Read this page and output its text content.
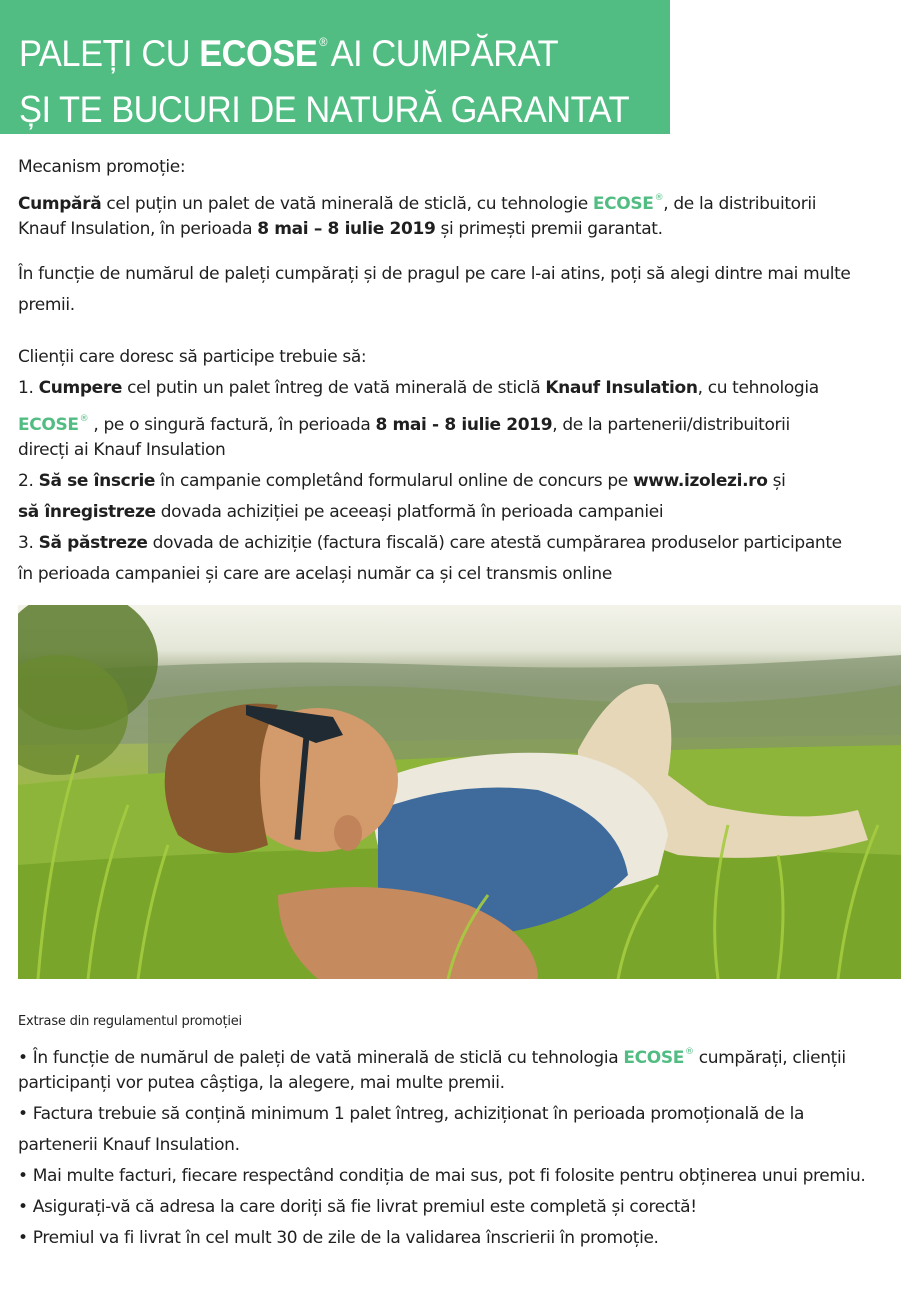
PALEȚI CU ECOSE ® AI CUMPĂRAT
ȘI TE BUCURI DE NATURĂ GARANTAT
Mecanism promoție:
Cumpără cel puțin un palet de vată minerală de sticlă, cu tehnologie ECOSE®, de la distribuitorii
Knauf Insulation, în perioada 8 mai – 8 iulie 2019 și primești premii garantat.
În funcție de numărul de paleți cumpărați și de pragul pe care l-ai atins, poți să alegi dintre mai multe
premii.
Clienții care doresc să participe trebuie să:
1. Cumpere cel putin un palet întreg de vată minerală de sticlă Knauf Insulation, cu tehnologia
ECOSE® , pe o singură factură, în perioada 8 mai - 8 iulie 2019, de la partenerii/distribuitorii
direcți ai Knauf Insulation
2. Să se înscrie în campanie completând formularul online de concurs pe www.izolezi.ro și
să înregistreze dovada achiziției pe aceeași platformă în perioada campaniei
3. Să păstreze dovada de achiziție (factura fiscală) care atestă cumpărarea produselor participante
în perioada campaniei și care are același număr ca și cel transmis online
Extrase din regulamentul promoției
• În funcție de numărul de paleți de vată minerală de sticlă cu tehnologia ECOSE® cumpărați, clienții
participanți vor putea câștiga, la alegere, mai multe premii.
• Factura trebuie să conțină minimum 1 palet întreg, achiziționat în perioada promoțională de la
partenerii Knauf Insulation.
• Mai multe facturi, fiecare respectând condiția de mai sus, pot fi folosite pentru obținerea unui premiu.
• Asigurați-vă că adresa la care doriți să fie livrat premiul este completă și corectă!
• Premiul va fi livrat în cel mult 30 de zile de la validarea înscrierii în promoție.
